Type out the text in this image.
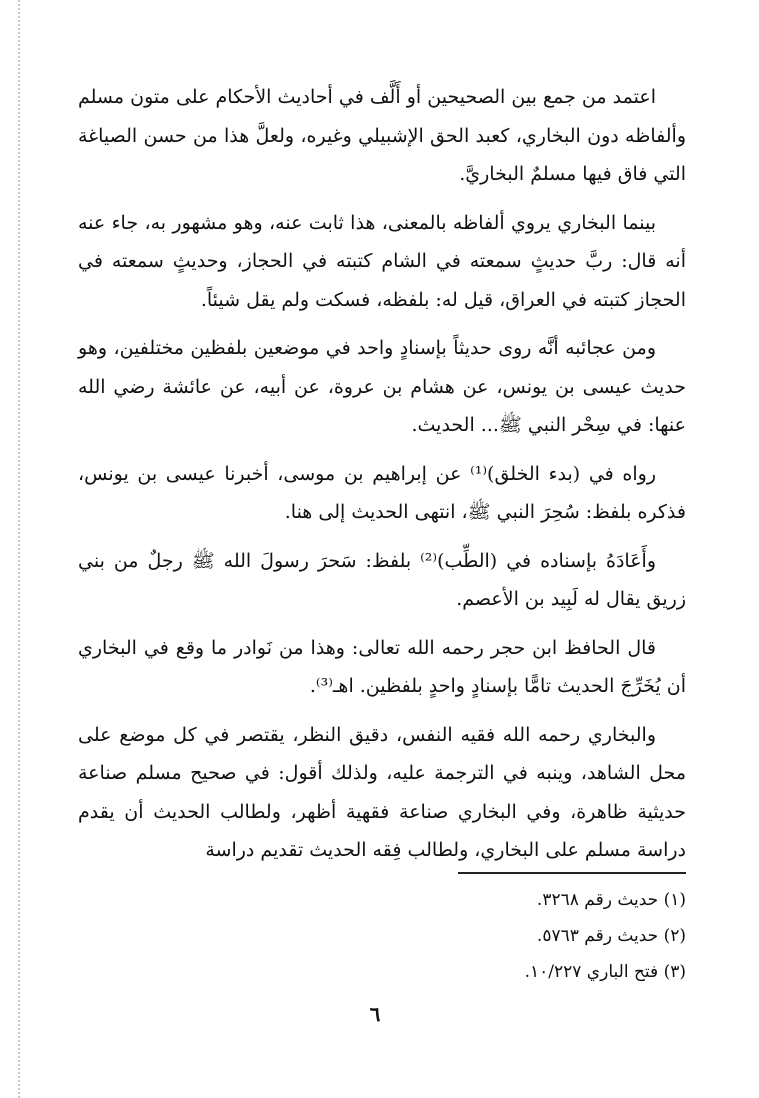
اعتمد من جمع بين الصحيحين أو أَلَّف في أحاديث الأحكام على متون مسلم وألفاظه دون البخاري، كعبد الحق الإشبيلي وغيره، ولعلَّ هذا من حسن الصياغة التي فاق فيها مسلمٌ البخاريَّ.

بينما البخاري يروي ألفاظه بالمعنى، هذا ثابت عنه، وهو مشهور به، جاء عنه أنه قال: ربَّ حديثٍ سمعته في الشام كتبته في الحجاز، وحديثٍ سمعته في الحجاز كتبته في العراق، قيل له: بلفظه، فسكت ولم يقل شيئاً.

ومن عجائبه أنَّه روى حديثاً بإسنادٍ واحد في موضعين بلفظين مختلفين، وهو حديث عيسى بن يونس، عن هشام بن عروة، عن أبيه، عن عائشة رضي الله عنها: في سِحْر النبي ﷺ... الحديث.

رواه في (بدء الخلق)⁽¹⁾ عن إبراهيم بن موسى، أخبرنا عيسى بن يونس، فذكره بلفظ: سُحِرَ النبي ﷺ، انتهى الحديث إلى هنا.

وأَعَادَهُ بإسناده في (الطِّب)⁽²⁾ بلفظ: سَحرَ رسولَ الله ﷺ رجلٌ من بني زريق يقال له لَبِيد بن الأعصم.

قال الحافظ ابن حجر رحمه الله تعالى: وهذا من نَوادر ما وقع في البخاري أن يُخَرِّجَ الحديث تامًّا بإسنادٍ واحدٍ بلفظين. اهـ⁽³⁾.

والبخاري رحمه الله فقيه النفس، دقيق النظر، يقتصر في كل موضع على محل الشاهد، وينبه في الترجمة عليه، ولذلك أقول: في صحيح مسلم صناعة حديثية ظاهرة، وفي البخاري صناعة فقهية أظهر، ولطالب الحديث أن يقدم دراسة مسلم على البخاري، ولطالب فِقه الحديث تقديم دراسة

(١) حديث رقم ٣٢٦٨.
(٢) حديث رقم ٥٧٦٣.
(٣) فتح الباري ١٠/٢٢٧.
٦
